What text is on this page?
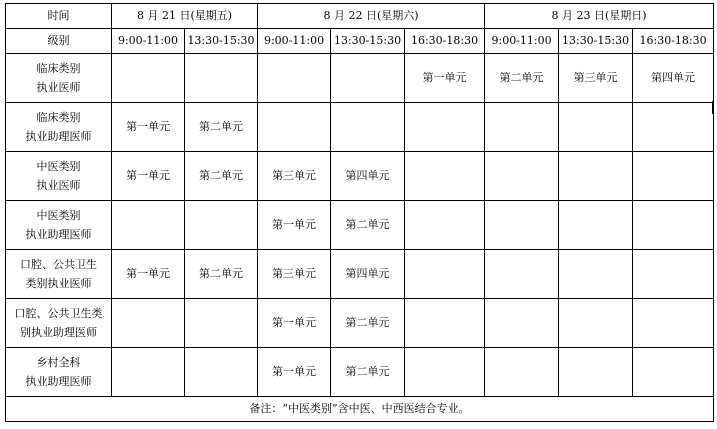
时间	8 月 21 日(星期五)		8 月 22 日(星期六)			8 月 23 日(星期日)		
级别	9:00-11:00	13:30-15:30	9:00-11:00	13:30-15:30	16:30-18:30	9:00-11:00	13:30-15:30	16:30-18:30

临床类别
执业医师					第一单元	第二单元	第三单元	第四单元

临床类别
执业助理医师	第一单元	第二单元						

中医类别
执业医师	第一单元	第二单元	第三单元	第四单元				

中医类别
执业助理医师			第一单元	第二单元				

口腔、公共卫生
类别执业医师	第一单元	第二单元	第三单元	第四单元				

口腔、公共卫生类
别执业助理医师			第一单元	第二单元				

乡村全科
执业助理医师			第一单元	第二单元				
备注：“中医类别”含中医、中西医结合专业。								
